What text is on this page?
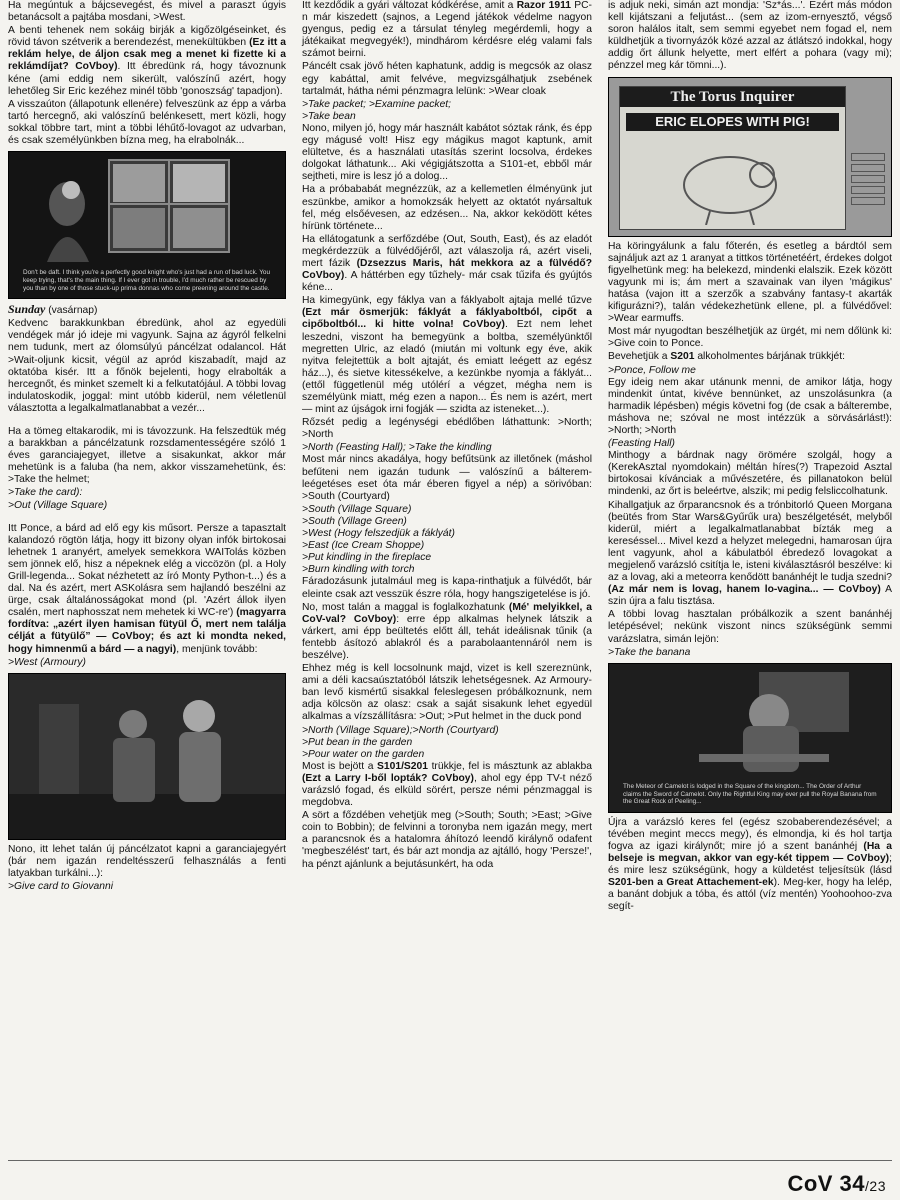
Ha megúntuk a bájcsevegést, és mivel a paraszt úgyis betanácsolt a pajtába mosdani, >West.

A benti tehenek nem sokáig birják a kigőzölgéseinket, és rövid távon szétverik a berendezést, menekültükben (Ez itt a reklám helye, de áljon csak meg a menet ki fizette ki a reklámdíjat? CoVboy). Itt ébredünk rá, hogy távoznunk kéne (ami eddig nem sikerült, valószínű azért, hogy lehetőleg Sir Eric kezéhez minél több 'gonoszság' tapadjon).

A visszaúton (állapotunk ellenére) felveszünk az épp a várba tartó hercegnő, aki valószínű belénkesett, mert közli, hogy sokkal többre tart, mint a többi léhűtő-lovagot az udvarban, és csak személyünkben bízna meg, ha elrabolnák...

Don't be daft. I think you're a perfectly good knight who's just had a run of bad luck. You keep trying, that's the main thing. If I ever got in trouble, I'd much rather be rescued by you than by one of those stuck-up prima donnas who come preening around the castle.

Sunday (vasárnap)

Kedvenc barakkunkban ébredünk, ahol az egyedüli vendégek már jó ideje mi vagyunk. Sajna az ágyról felkelni nem tudunk, mert az ólomsúlyú páncélzat odalancol. Hát >Wait-oljunk kicsit, végül az apród kiszabadít, majd az oktatóba kisér. Itt a főnök bejelenti, hogy elrabolták a hercegnőt, és minket szemelt ki a felkutatójául. A többi lovag indulatoskodik, joggal: mint utóbb kiderül, nem véletlenül választotta a legalkalmatlanabbat a vezér...

Ha a tömeg eltakarodik, mi is távozzunk. Ha felszedtük még a barakkban a páncélzatunk rozsdamentességére szóló 1 éves garanciajegyet, illetve a sisakunkat, akkor már mehetünk is a faluba (ha nem, akkor visszamehetünk, és: >Take the helmet;

>Take the card):
>Out (Village Square)

Itt Ponce, a bárd ad elő egy kis műsort. Persze a tapasztalt kalandozó rögtön látja, hogy itt bizony olyan infók birtokosai lehetnek 1 aranyért, amelyek semekkora WAITolás közben sem jönnek elő, hisz a népeknek elég a viccözön (pl. a Holy Grill-legenda... Sokat nézhetett az író Monty Python-t...) és a dal. Na és azért, mert ASKolásra sem hajlandó beszélni az ürge, csak általánosságokat mond (pl. 'Azért állok ilyen csalén, mert naphosszat nem mehetek ki WC-re') (magyarra fordítva: „azért ilyen hamisan fütyül Ő, mert nem találja célját a fütyülő” — CoVboy; és azt ki mondta neked, hogy himnenmű a bárd — a nagyi), menjünk tovább:

>West (Armoury)

Nono, itt lehet talán új páncélzatot kapni a garanciajegyért (bár nem igazán rendeltésszerű felhasználás a fenti latyakban turkálni...):

>Give card to Giovanni

Itt kezdődik a gyári változat kódkérése, amit a Razor 1911 PC-n már kiszedett (sajnos, a Legend játékok védelme nagyon gyengus, pedig ez a társulat tényleg megérdemli, hogy a játékaikat megvegyék!), mindhárom kérdésre elég valami fals számot beirni.

Páncélt csak jövő héten kaphatunk, addig is megcsók az olasz egy kabáttal, amit felvéve, megvizsgálhatjuk zsebének tartalmát, hátha némi pénzmagra lelünk: >Wear cloak

>Take packet; >Examine packet;
>Take bean

Nono, milyen jó, hogy már használt kabátot sóztak ránk, és épp egy mágusé volt! Hisz egy mágikus magot kaptunk, amit elültetve, és a használati utasítás szerint locsolva, érdekes dolgokat láthatunk... Aki végigjátszotta a S101-et, ebből már sejtheti, mire is lesz jó a dolog...

Ha a próbababát megnézzük, az a kellemetlen élményünk jut eszünkbe, amikor a homokzsák helyett az oktatót nyársaltuk fel, még elsőévesen, az edzésen... Na, akkor keködött kétes hírünk története...

Ha ellátogatunk a serfőzdébe (Out, South, East), és az eladót megkérdezzük a fülvédőjéről, azt válaszolja rá, azért viseli, mert fázik (Dzsezzus Maris, hát mekkora az a fülvédő? CoVboy). A háttérben egy tűzhely- már csak tűzifa és gyújtós kéne...

Ha kimegyünk, egy fáklya van a fáklyabolt ajtaja mellé tűzve (Ezt már ösmerjük: fáklyát a fáklyaboltból, cipőt a cipőboltból... ki hitte volna! CoVboy). Ezt nem lehet leszedni, viszont ha bemegyünk a boltba, személyünktől megretten Ulric, az eladó (miután mi voltunk egy éve, akik nyitva felejtettük a bolt ajtaját, és emiatt leégett az egész ház...), és sietve kitessékelve, a kezünkbe nyomja a fáklyát... (ettől függetlenül még utólérí a végzet, mégha nem is személyünk miatt, még ezen a napon... És nem is azért, mert — mint az újságok irni fogják — szidta az isteneket...).

Rőzsét pedig a legénységi ebédlőben láthattunk: >North; >North

>North (Feasting Hall); >Take the kindling

Most már nincs akadálya, hogy befűtsünk az illetőnek (máshol befűteni nem igazán tudunk — valószínű a bálterem-leégetéses eset óta már éberen figyel a nép) a sörivóban: >South (Courtyard)

>South (Village Square)
>South (Village Green)
>West (Hogy felszedjük a fáklyát)
>East (Ice Cream Shoppe)
>Put kindling in the fireplace
>Burn kindling with torch

Fáradozásunk jutalmául meg is kapa-rinthatjuk a fülvédőt, bár eleinte csak azt vesszük észre róla, hogy hangszigetelése is jó.

No, most talán a maggal is foglalkozhatunk (Mé' melyikkel, a CoV-val? CoVboy): erre épp alkalmas helynek látszik a várkert, ami épp beültetés előtt áll, tehát ideálisnak tűnik (a fentebb ásítozó ablakról és a parabolaantennáról nem is beszélve).

Ehhez még is kell locsolnunk majd, vizet is kell szereznünk, ami a déli kacsaúsztatóból látszik lehetségesnek. Az Armoury-ban levő kismértű sisakkal feleslegesen próbálkoznunk, nem adja kölcsön az olasz: csak a saját sisakunk lehet egyedül alkalmas a vízszállításra: >Out; >Put helmet in the duck pond

>North (Village Square);>North (Courtyard)
>Put bean in the garden
>Pour water on the garden

Most is bejött a S101/S201 trükkje, fel is másztunk az ablakba (Ezt a Larry I-ből lopták? CoVboy), ahol egy épp TV-t néző varázsló fogad, és elküld sörért, persze némi pénzmaggal is megdobva.

A sört a főzdében vehetjük meg (>South; South; >East; >Give coin to Bobbin); de felvinni a toronyba nem igazán megy, mert a parancsnok és a hatalomra áhítozó leendő királynő odafent 'megbeszélést' tart, és bár azt mondja az ajtálló, hogy 'Persze!', ha pénzt ajánlunk a bejutásunkért, ha oda

is adjuk neki, simán azt mondja: 'Sz*ás...'. Ezért más módon kell kijátszani a feljutást... (sem az izom-ernyesztő, végső soron halálos italt, sem semmi egyebet nem fogad el, nem küldhetjük a tivornyázók közé azzal az átlátszó indokkal, hogy addig őrt állunk helyette, mert elfért a pohara (vagy mi); pénzzel meg kár tömni...).

The Torus Inquirer
ERIC ELOPES WITH PIG!

Ha köringyálunk a falu főterén, és esetleg a bárdtól sem sajnáljuk azt az 1 aranyat a tittkos történetéért, érdekes dolgot figyelhetünk meg: ha belekezd, mindenki elalszik. Ezek között vagyunk mi is; ám mert a szavainak van ilyen 'mágikus' hatása (vajon itt a szerzők a szabvány fantasy-t akarták kifigurázni?), talán védekezhetünk ellene, pl. a fülvédővel: >Wear earmuffs.

Most már nyugodtan beszélhetjük az ürgét, mi nem dőlünk ki: >Give coin to Ponce.

Bevehetjük a S201 alkoholmentes bárjának trükkjét:

>Ponce, Follow me

Egy ideig nem akar utánunk menni, de amikor látja, hogy mindenkit úntat, kivéve bennünket, az unszolásunkra (a harmadik lépésben) mégis követni fog (de csak a bálterembe, máshova ne; szóval ne most intézzük a sörvásárlást!): >North; >North

(Feasting Hall)

Minthogy a bárdnak nagy örömére szolgál, hogy a (KerekAsztal nyomdokain) méltán híres(?) Trapezoid Asztal birtokosai kívánciak a művészetére, és pillanatokon belül mindenki, az őrt is beleértve, alszik; mi pedig felsliccolhatunk.

Kihallgatjuk az őrparancsnok és a trónbitorló Queen Morgana (beütés from Star Wars&Gyűrűk ura) beszélgetését, melyből kiderül, miért a legalkalmatlanabbat bízták meg a kereséssel... Mivel kezd a helyzet melegedni, hamarosan újra lent vagyunk, ahol a kábulatból ébredező lovagokat a megjelenő varázsló csitítja le, isteni kiválasztásról beszélve: ki az a lovag, aki a meteorra kenődött banánhéjt le tudja szedni? (Az már nem is lovag, hanem lo-vagina... — CoVboy) A szin újra a falu tisztása.

A többi lovag hasztalan próbálkozik a szent banánhéj letépésével; nekünk viszont nincs szükségünk semmi varázslatra, simán lejön:

>Take the banana
The Meteor of Camelot is lodged in the Square of the kingdom... The Order of Arthur claims the Sword of Camelot. Only the Rightful King may ever pull the Royal Banana from the Great Rock of Peeling...

Újra a varázsló keres fel (egész szobaberendezésével; a tévében megint meccs megy), és elmondja, ki és hol tartja fogva az igazi királynőt; mire jó a szent banánhéj (Ha a belseje is megvan, akkor van egy-két tippem — CoVboy); és mire lesz szükségünk, hogy a küldetést teljesítsük (lásd S201-ben a Great Attachement-ek). Meg-ker, hogy ha lelép, a banánt dobjuk a tóba, és attól (víz mentén) Yoohoohoo-zva segít-

CoV 34/23
